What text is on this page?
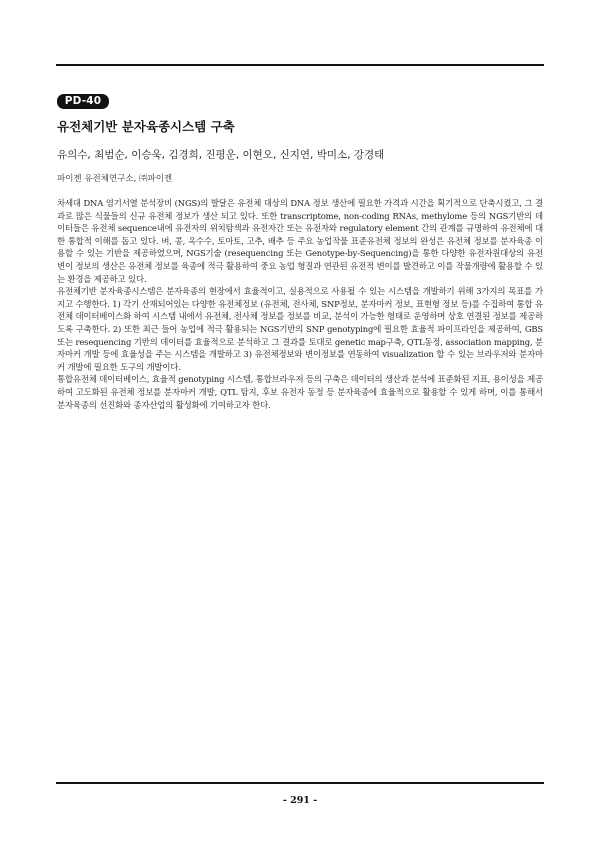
PD-40
유전체기반 분자육종시스템 구축
유의수, 최범순, 이승욱, 김경희, 진평운, 이현오, 신지연, 박미소, 강경태
파이젠 유전체연구소, ㈜파이젠

차세대 DNA 염기서열 분석장비 (NGS)의 발달은 유전체 대상의 DNA 정보 생산에 필요한 가격과 시간을 획기적으로 단축시켰고, 그 결과로 많은 식물들의 신규 유전체 정보가 생산 되고 있다. 또한 transcriptome, non-coding RNAs, methylome 등의 NGS기반의 데이터들은 유전체 sequence내에 유전자의 위치탐색과 유전자간 또는 유전자와 regulatory element 간의 관계를 규명하여 유전체에 대한 통합적 이해를 돕고 있다. 벼, 콩, 옥수수, 토마토, 고추, 배추 등 주요 농업작물 표준유전체 정보의 완성은 유전체 정보를 분자육종 이용할 수 있는 기반을 제공하였으며, NGS기술 (resequencing 또는 Genotype-by-Sequencing)을 통한 다양한 유전자원대상의 유전변이 정보의 생산은 유전체 정보를 육종에 적극 활용하여 중요 농업 형질과 연관된 유전적 변이를 발견하고 이를 작물개량에 활용할 수 있는 환경을 제공하고 있다.

유전체기반 분자육종시스템은 분자육종의 현장에서 효율적이고, 실용적으로 사용될 수 있는 시스템을 개발하기 위해 3가지의 목표를 가지고 수행한다. 1) 각기 산재되어있는 다양한 유전체정보 (유전체, 전사체, SNP정보, 분자마커 정보, 표현형 정보 등)를 수집하여 통합 유전체 데이터베이스화 하여 시스템 내에서 유전체, 전사체 정보를 정보를 비교, 분석이 가능한 형태로 운영하며 상호 연결된 정보를 제공하도록 구축한다. 2) 또한 최근 들어 농업에 적극 활용되는 NGS기반의 SNP genotyping에 필요한 효율적 파이프라인을 제공하여, GBS 또는 resequencing 기반의 데이터를 효율적으로 분석하고 그 결과를 토대로 genetic map구축, QTL동정, association mapping, 분자마커 개발 등에 효율성을 주는 시스템을 개발하고 3) 유전체정보와 변이정보를 연동하여 visualization 할 수 있는 브라우저와 분자마커 개발에 필요한 도구의 개발이다.

통합유전체 데이터베이스, 효율적 genotyping 시스템, 통합브라우저 등의 구축은 데이터의 생산과 분석에 표준화된 지표, 용이성을 제공하여 고도화된 유전체 정보를 분자마커 개발, QTL 탐지, 후보 유전자 동정 등 분자육종에 효율적으로 활용할 수 있게 하며, 이를 통해서 분자육종의 선진화와 종자산업의 활성화에 기여하고자 한다.

- 291 -
